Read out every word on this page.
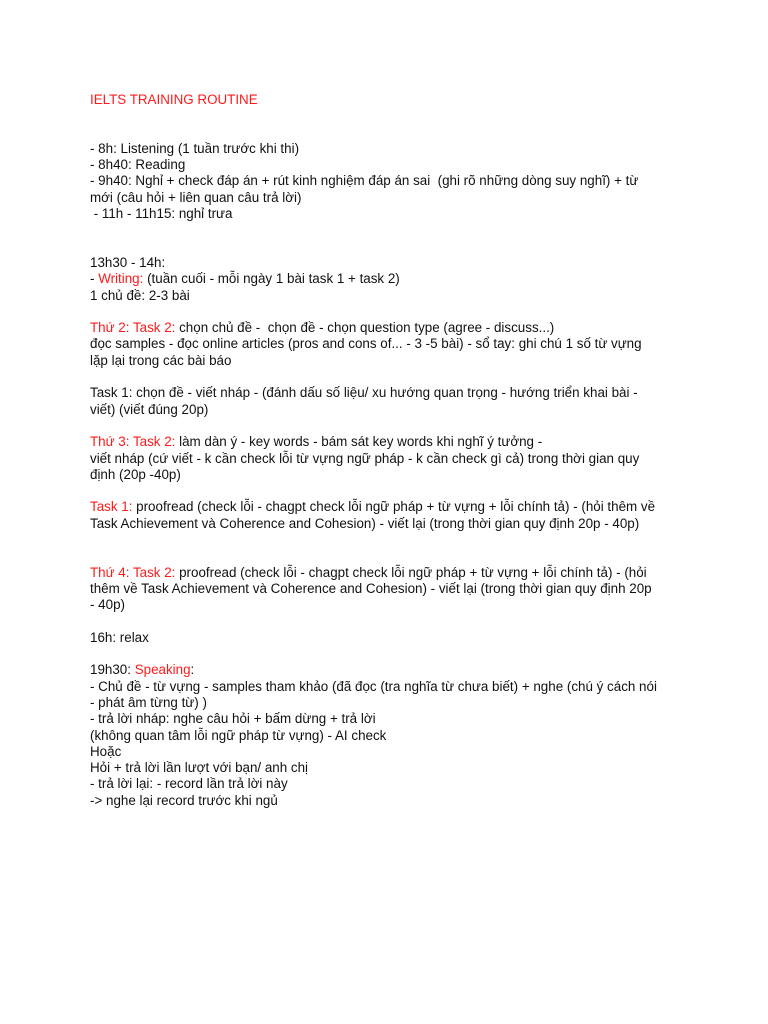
IELTS TRAINING ROUTINE
- 8h: Listening (1 tuần trước khi thi)
- 8h40: Reading
- 9h40: Nghỉ + check đáp án + rút kinh nghiệm đáp án sai  (ghi rõ những dòng suy nghĩ) + từ
mới (câu hỏi + liên quan câu trả lời)
- 11h - 11h15: nghỉ trưa
13h30 - 14h:
- Writing: (tuần cuối - mỗi ngày 1 bài task 1 + task 2)
1 chủ đề: 2-3 bài
Thứ 2: Task 2: chọn chủ đề -  chọn đề - chọn question type (agree - discuss...)
đọc samples - đọc online articles (pros and cons of... - 3 -5 bài) - sổ tay: ghi chú 1 số từ vựng
lặp lại trong các bài báo
Task 1: chọn đề - viết nháp - (đánh dấu số liệu/ xu hướng quan trọng - hướng triển khai bài -
viết) (viết đúng 20p)
Thứ 3: Task 2: làm dàn ý - key words - bám sát key words khi nghĩ ý tưởng -
viết nháp (cứ viết - k cần check lỗi từ vựng ngữ pháp - k cần check gì cả) trong thời gian quy
định (20p -40p)
Task 1: proofread (check lỗi - chagpt check lỗi ngữ pháp + từ vựng + lỗi chính tả) - (hỏi thêm về
Task Achievement và Coherence and Cohesion) - viết lại (trong thời gian quy định 20p - 40p)
Thứ 4: Task 2: proofread (check lỗi - chagpt check lỗi ngữ pháp + từ vựng + lỗi chính tả) - (hỏi
thêm về Task Achievement và Coherence and Cohesion) - viết lại (trong thời gian quy định 20p
- 40p)
16h: relax
19h30: Speaking:
- Chủ đề - từ vựng - samples tham khảo (đã đọc (tra nghĩa từ chưa biết) + nghe (chú ý cách nói
- phát âm từng từ) )
- trả lời nháp: nghe câu hỏi + bấm dừng + trả lời
(không quan tâm lỗi ngữ pháp từ vựng) - AI check
Hoặc
Hỏi + trả lời lần lượt với bạn/ anh chị
- trả lời lại: - record lần trả lời này
-> nghe lại record trước khi ngủ
